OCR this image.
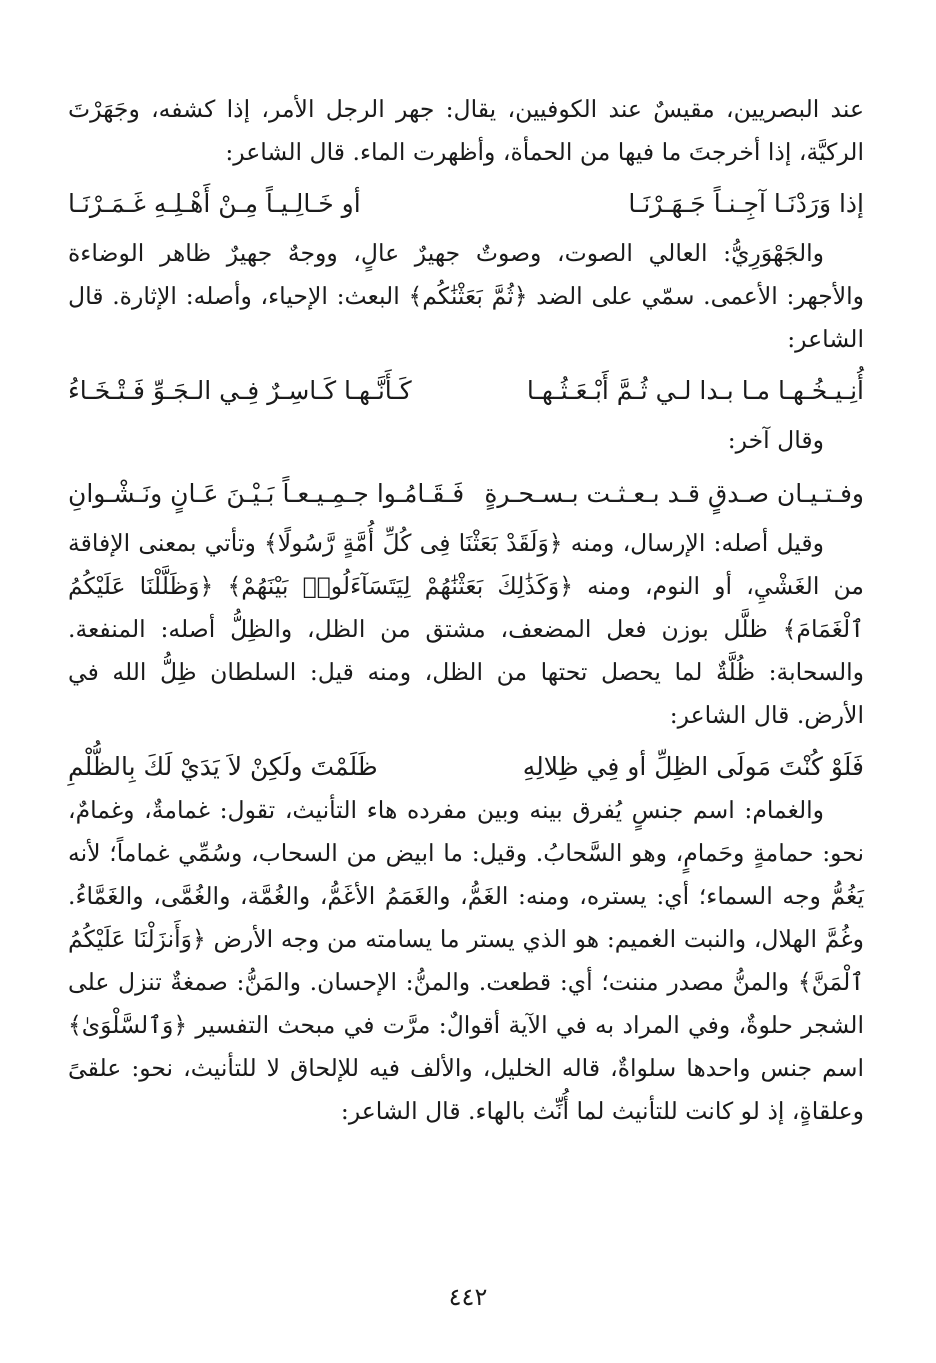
عند البصريين، مقيسٌ عند الكوفيين، يقال: جهر الرجل الأمر، إذا كشفه، وجَهَرْتَ الركيَّة، إذا أخرجتَ ما فيها من الحمأة، وأظهرت الماء. قال الشاعر:

إذا وَرَدْنَـا آجِـنـاً جَـهَـرْنَـا
أو خَـالِـيـاً مِـنْ أَهْـلِـهِ غَـمَـرْنَـا

والجَهْوَرِيُّ: العالي الصوت، وصوتٌ جهيرٌ عالٍ، ووجهٌ جهيرٌ ظاهر الوضاءة والأجهر: الأعمى. سمّي على الضد ﴿ثُمَّ بَعَثْنَٰكُم﴾ البعث: الإحياء، وأصله: الإثارة. قال الشاعر:

أُنِـيـخُـهـا مـا بـدا لـي ثُـمَّ أَبْـعَـثُـهـا
كَـأَنَّـهـا كَـاسِـرٌ فِـي الـجَـوِّ فَـتْـخَـاءُ

وقال آخر:

وفـتـيـان صـدقٍ قـد بـعـثـت بـسـحـرةٍ
فَـقَـامُـوا جـمِـيـعـاً بَـيْـنَ عَـانٍ ونَـشْـوانِ

وقيل أصله: الإرسال، ومنه ﴿وَلَقَدْ بَعَثْنَا فِى كُلِّ أُمَّةٍ رَّسُولًا﴾ وتأتي بمعنى الإفاقة من الغَشْيِ، أو النوم، ومنه ﴿وَكَذَٰلِكَ بَعَثْنَٰهُمْ لِيَتَسَآءَلُوا۟ بَيْنَهُمْ﴾ ﴿وَظَلَّلْنَا عَلَيْكُمُ ٱلْغَمَامَ﴾ ظلَّل بوزن فعل المضعف، مشتق من الظل، والظِلُّ أصله: المنفعة. والسحابة: ظُلَّةٌ لما يحصل تحتها من الظل، ومنه قيل: السلطان ظِلُّ الله في الأرض. قال الشاعر:

فَلَوْ كُنْتَ مَولَى الظِلِّ أو فِي ظِلالِهِ
ظَلَمْتَ ولَكِنْ لاَ يَدَيْ لَكَ بِالظُّلْمِ

والغمام: اسم جنسٍ يُفرق بينه وبين مفرده هاء التأنيث، تقول: غمامةٌ، وغمامٌ، نحو: حمامةٍ وحَمامٍ، وهو السَّحابُ. وقيل: ما ابيض من السحاب، وسُمِّي غماماً؛ لأنه يَغُمُّ وجه السماء؛ أي: يستره، ومنه: الغَمُّ، والغَمَمُ الأغَمُّ، والغُمَّة، والغُمَّى، والغَمَّاءُ. وغُمَّ الهلال، والنبت الغميم: هو الذي يستر ما يسامته من وجه الأرض ﴿وَأَنزَلْنَا عَلَيْكُمُ ٱلْمَنَّ﴾ والمنُّ مصدر مننت؛ أي: قطعت. والمنُّ: الإحسان. والمَنُّ: صمغةٌ تنزل على الشجر حلوةٌ، وفي المراد به في الآية أقوالٌ: مرَّت في مبحث التفسير ﴿وَٱلسَّلْوَىٰ﴾ اسم جنس واحدها سلواةٌ، قاله الخليل، والألف فيه للإلحاق لا للتأنيث، نحو: علقىً وعلقاةٍ، إذ لو كانت للتأنيث لما أُنِّث بالهاء. قال الشاعر:

٤٤٢
